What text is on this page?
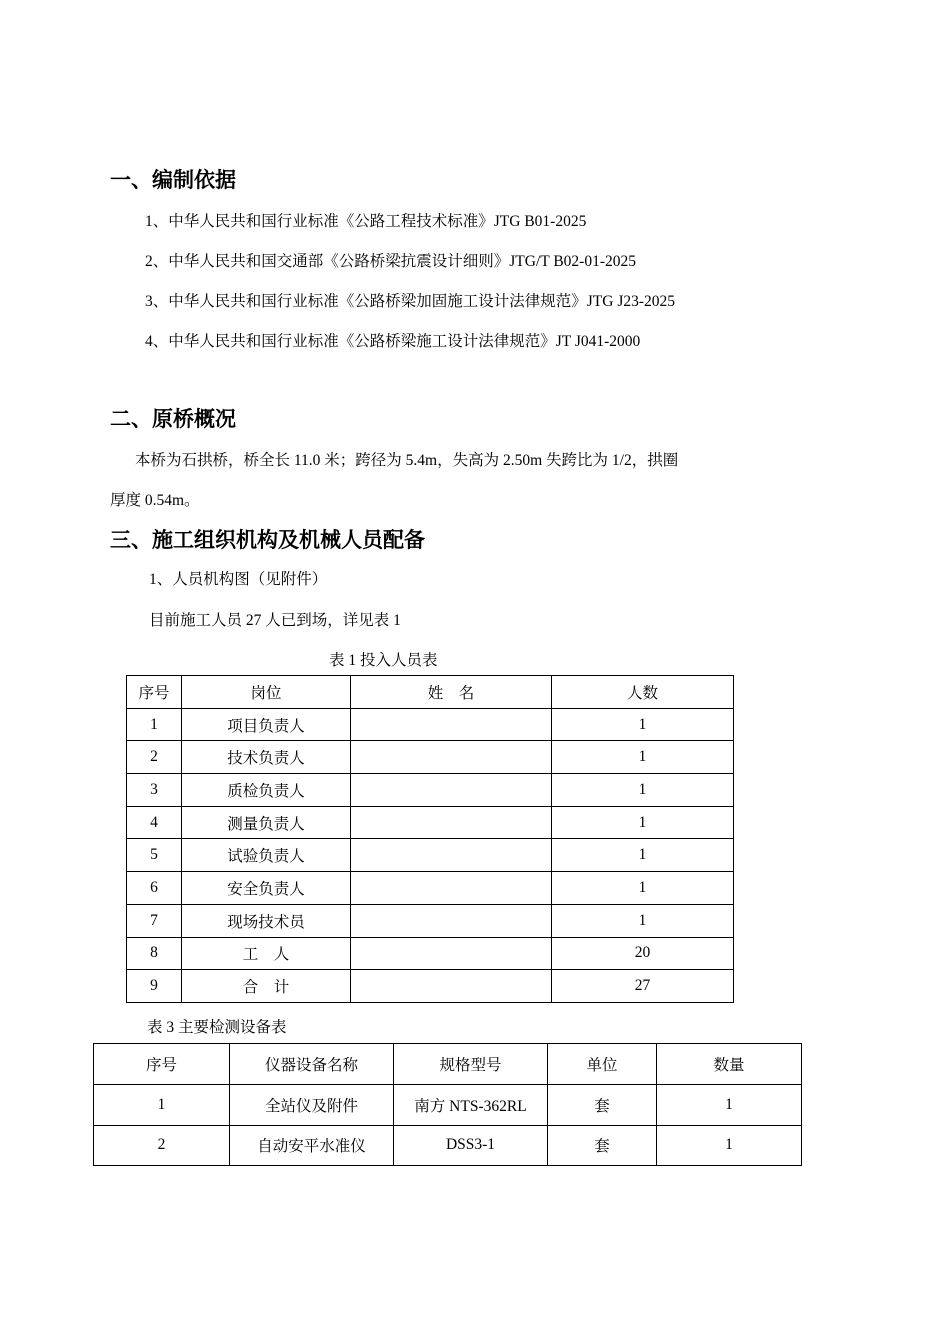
一、编制依据
1、中华人民共和国行业标准《公路工程技术标准》JTG B01-2025
2、中华人民共和国交通部《公路桥梁抗震设计细则》JTG/T B02-01-2025
3、中华人民共和国行业标准《公路桥梁加固施工设计法律规范》JTG J23-2025
4、中华人民共和国行业标准《公路桥梁施工设计法律规范》JT J041-2000
二、原桥概况
本桥为石拱桥，桥全长 11.0 米；跨径为 5.4m，失高为 2.50m 失跨比为 1/2，拱圈
厚度 0.54m。
三、施工组织机构及机械人员配备
1、人员机构图（见附件）
目前施工人员 27 人已到场，详见表 1
表 1 投入人员表
序号	岗位	姓　名	人数
1	项目负责人		1
2	技术负责人		1
3	质检负责人		1
4	测量负责人		1
5	试验负责人		1
6	安全负责人		1
7	现场技术员		1
8	工　人		20
9	合　计		27
表 3 主要检测设备表
序号	仪器设备名称	规格型号	单位	数量
1	全站仪及附件	南方 NTS-362RL	套	1
2	自动安平水准仪	DSS3-1	套	1
